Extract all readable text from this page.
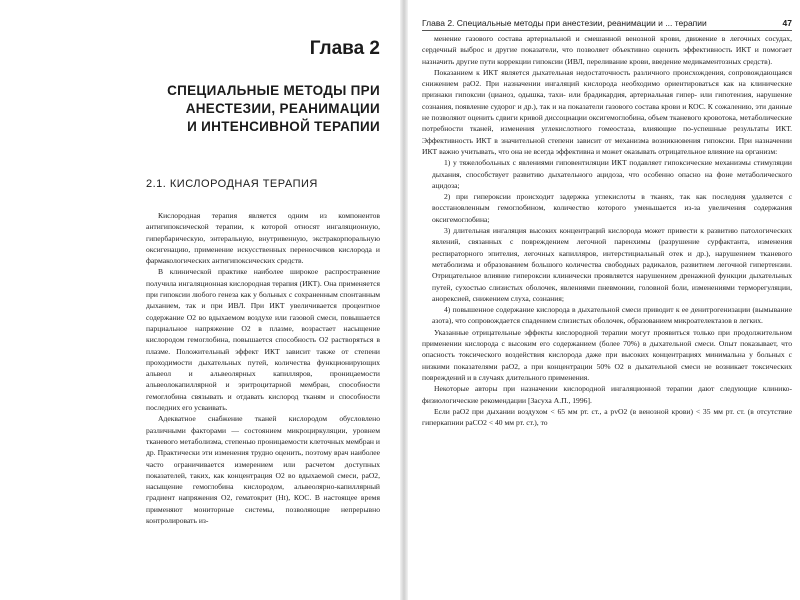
Глава 2
СПЕЦИАЛЬНЫЕ МЕТОДЫ ПРИ
АНЕСТЕЗИИ, РЕАНИМАЦИИ
И ИНТЕНСИВНОЙ ТЕРАПИИ
2.1. КИСЛОРОДНАЯ ТЕРАПИЯ

Кислородная терапия является одним из компонентов антигипоксической терапии, к которой относят ингаляционную, гипербарическую, энтеральную, внутривенную, экстракорпоральную оксигенацию, применение искусственных переносчиков кислорода и фармакологических антигипоксических средств.

В клинической практике наиболее широкое распространение получила ингаляционная кислородная терапия (ИКТ). Она применяется при гипоксии любого генеза как у больных с сохраненным спонтанным дыханием, так и при ИВЛ. При ИКТ увеличивается процентное содержание O2 во вдыхаемом воздухе или газовой смеси, повышается парциальное напряжение O2 в плазме, возрастает насыщение кислородом гемоглобина, повышается способность O2 растворяться в плазме. Положительный эффект ИКТ зависит также от степени проходимости дыхательных путей, количества функционирующих альвеол и альвеолярных капилляров, проницаемости альвеолокапиллярной и эритроцитарной мембран, способности гемоглобина связывать и отдавать кислород тканям и способности последних его усваивать.

Адекватное снабжение тканей кислородом обусловлено различными факторами — состоянием микроциркуляции, уровнем тканевого метаболизма, степенью проницаемости клеточных мембран и др. Практически эти изменения трудно оценить, поэтому врач наиболее часто ограничивается измерением или расчетом доступных показателей, таких, как концентрация O2 во вдыхаемой смеси, paO2, насыщение гемоглобина кислородом, альвеолярно-капиллярный градиент напряжения O2, гематокрит (Ht), КОС. В настоящее время применяют мониторные системы, позволяющие непрерывно контролировать из-

Глава 2. Специальные методы при анестезии, реанимации и ... терапии	47

менение газового состава артериальной и смешанной венозной крови, движение в легочных сосудах, сердечный выброс и другие показатели, что позволяет объективно оценить эффективность ИКТ и помогает назначить другие пути коррекции гипоксии (ИВЛ, переливание крови, введение медикаментозных средств).

Показанием к ИКТ является дыхательная недостаточность различного происхождения, сопровождающаяся снижением paO2. При назначении ингаляций кислорода необходимо ориентироваться как на клинические признаки гипоксии (цианоз, одышка, тахи- или брадикардия, артериальная гипер- или гипотензия, нарушение сознания, появление судорог и др.), так и на показатели газового состава крови и КОС. К сожалению, эти данные не позволяют оценить сдвиги кривой диссоциации оксигемоглобина, объем тканевого кровотока, метаболические потребности тканей, изменения углекислотного гомеостаза, влияющие по-успешные результаты ИКТ. Эффективность ИКТ в значительной степени зависит от механизма возникновения гипоксии. При назначении ИКТ важно учитывать, что она не всегда эффективна и может оказывать отрицательное влияние на организм:

1) у тяжелобольных с явлениями гиповентиляции ИКТ подавляет гипоксические механизмы стимуляции дыхания, способствует развитию дыхательного ацидоза, что особенно опасно на фоне метаболического ацидоза;

2) при гипероксии происходит задержка углекислоты в тканях, так как последняя удаляется с восстановленным гемоглобином, количество которого уменьшается из-за увеличения содержания оксигемоглобина;

3) длительная ингаляция высоких концентраций кислорода может привести к развитию патологических явлений, связанных с повреждением легочной паренхимы (разрушение сурфактанта, изменения респираторного эпителия, легочных капилляров, интерстициальный отек и др.), нарушением тканевого метаболизма и образованием большого количества свободных радикалов, развитием легочной гипертензии. Отрицательное влияние гипероксии клинически проявляется нарушением дренажной функции дыхательных путей, сухостью слизистых оболочек, явлениями пневмонии, головной боли, изменениями терморегуляции, анорексией, снижением слуха, сознания;

4) повышенное содержание кислорода в дыхательной смеси приводит к ее денитрогенизации (вымывание азота), что сопровождается спадением слизистых оболочек, образованием микроателектазов в легких.

Указанные отрицательные эффекты кислородной терапии могут проявиться только при продолжительном применении кислорода с высоким его содержанием (более 70%) в дыхательной смеси. Опыт показывает, что опасность токсического воздействия кислорода даже при высоких концентрациях минимальна у больных с низкими показателями paO2, а при концентрации 50% O2 в дыхательной смеси не возникает токсических повреждений и в случаях длительного применения.

Некоторые авторы при назначении кислородной ингаляционной терапии дают следующие клинико-физиологические рекомендации [Засуха А.П., 1996].

Если paO2 при дыхании воздухом < 65 мм рт. ст., а pvO2 (в венозной крови) < 35 мм рт. ст. (в отсутствие гиперкапнии paCO2 < 40 мм рт. ст.), то
